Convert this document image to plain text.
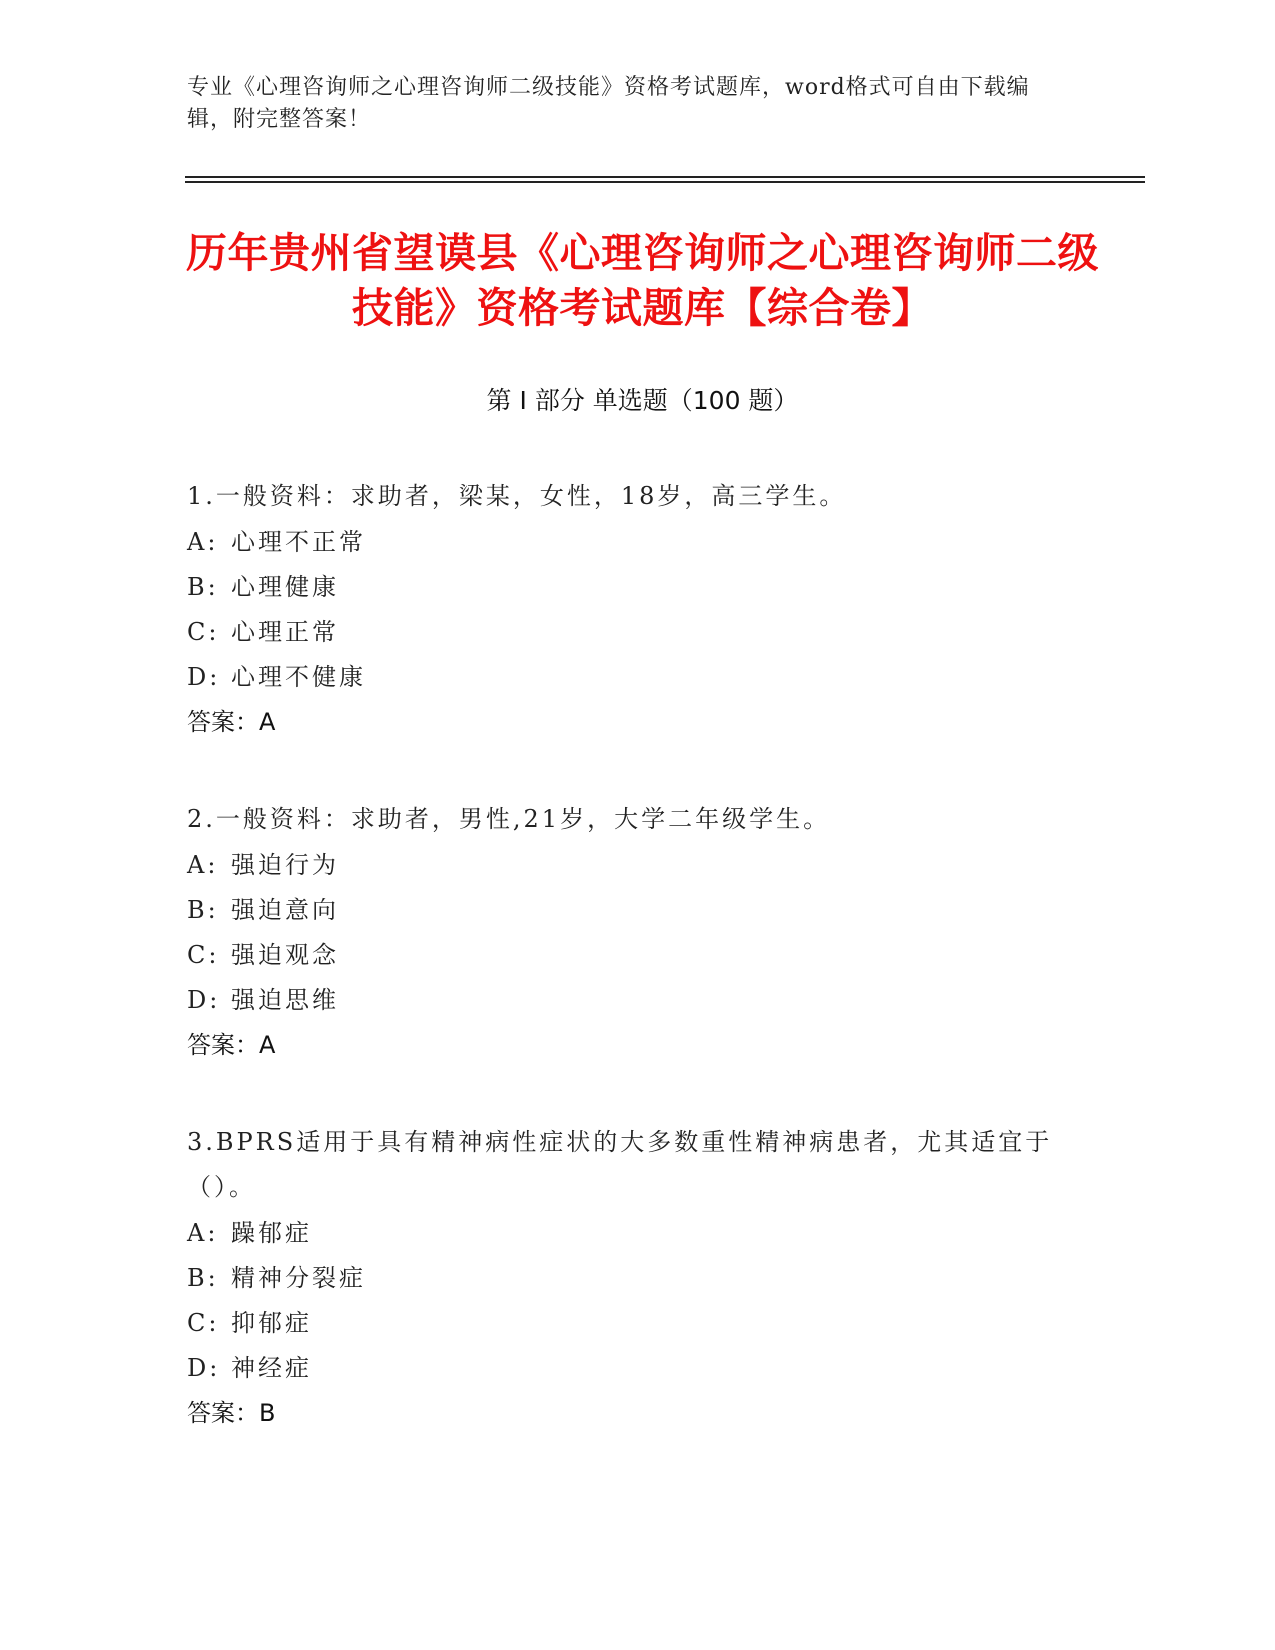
专业《心理咨询师之心理咨询师二级技能》资格考试题库，word格式可自由下载编辑，附完整答案！
历年贵州省望谟县《心理咨询师之心理咨询师二级技能》资格考试题库【综合卷】
第 I 部分 单选题（100 题）
1.一般资料：求助者，梁某，女性，18岁，高三学生。
A: 心理不正常
B: 心理健康
C: 心理正常
D: 心理不健康
答案：A
2.一般资料：求助者，男性,21岁，大学二年级学生。
A: 强迫行为
B: 强迫意向
C: 强迫观念
D: 强迫思维
答案：A
3.BPRS适用于具有精神病性症状的大多数重性精神病患者，尤其适宜于（）。
A: 躁郁症
B: 精神分裂症
C: 抑郁症
D: 神经症
答案：B
